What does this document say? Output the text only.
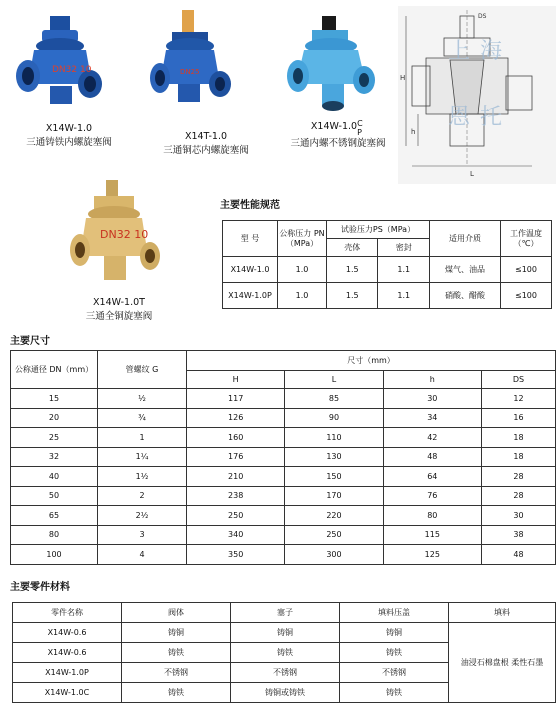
DN32 10
X14W-1.0
三通铸铁内螺旋塞阀
DN25
X14T-1.0
三通铜芯内螺旋塞阀
X14W-1.0 C
P
三通内螺不锈钢旋塞阀
DS
H
h
L
上海
恩托
DN32 10
X14W-1.0T
三通全铜旋塞阀
主要性能规范
型 号	公称压力 PN（MPa）	试验压力PS（MPa）		适用介质	工作温度（℃）
		壳体	密封		
X14W-1.0	1.0	1.5	1.1	煤气、油品	≤100
X14W-1.0P	1.0	1.5	1.1	硝酸、醋酸	≤100
主要尺寸
公称通径 DN（mm）	管螺纹 G	尺寸（mm）			
		H	L	h	DS
15	½	117	85	30	12
20	¾	126	90	34	16
25	1	160	110	42	18
32	1¼	176	130	48	18
40	1½	210	150	64	28
50	2	238	170	76	28
65	2½	250	220	80	30
80	3	340	250	115	38
100	4	350	300	125	48
主要零件材料
零件名称	阀体	塞子	填料压盖	填料
X14W-0.6	铸铜	铸铜	铸铜	油浸石棉盘根 柔性石墨
X14W-0.6	铸铁	铸铁	铸铁	
X14W-1.0P	不锈钢	不锈钢	不锈钢	
X14W-1.0C	铸铁	铸铜或铸铁	铸铁	
